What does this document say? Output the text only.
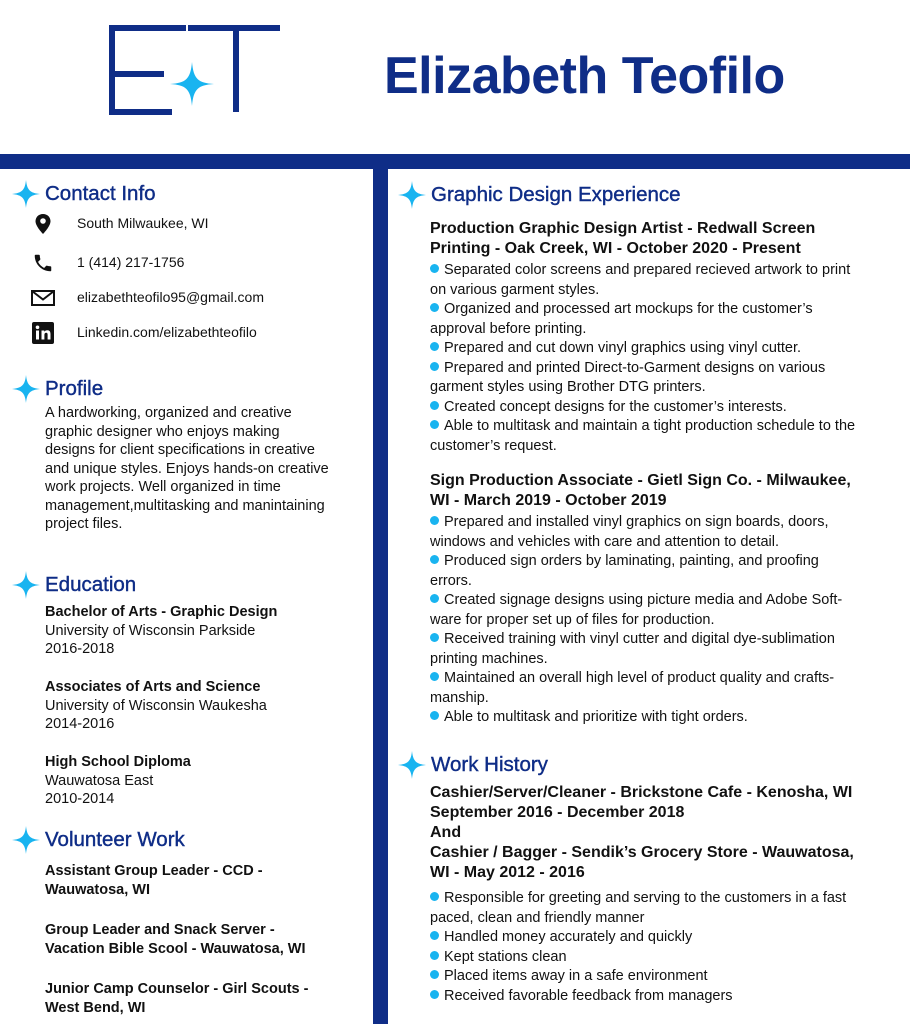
Elizabeth Teofilo
Contact Info
South Milwaukee, WI
1 (414) 217-1756
elizabethteofilo95@gmail.com
Linkedin.com/elizabethteofilo
Profile
A hardworking, organized and creative
graphic designer who enjoys making
designs for client specifications in creative
and unique styles. Enjoys hands-on creative
work projects. Well organized in time
management,multitasking and manintaining
project files.
Education
Bachelor of Arts - Graphic Design
University of Wisconsin Parkside
2016-2018
Associates of Arts and Science
University of Wisconsin Waukesha
2014-2016
High School Diploma
Wauwatosa East
2010-2014
Volunteer Work
Assistant Group Leader - CCD -
Wauwatosa, WI
Group Leader and Snack Server -
Vacation Bible Scool - Wauwatosa, WI
Junior Camp Counselor - Girl Scouts -
West Bend, WI
Graphic Design Experience
Production Graphic Design Artist - Redwall Screen
Printing - Oak Creek, WI - October 2020 - Present
Separated color screens and prepared recieved artwork to print
on various garment styles.
Organized and processed art mockups for the customer’s
approval before printing.
Prepared and cut down vinyl graphics using vinyl cutter.
Prepared and printed Direct-to-Garment designs on various
garment styles using Brother DTG printers.
Created concept designs for the customer’s interests.
Able to multitask and maintain a tight production schedule to the
customer’s request.
Sign Production Associate - Gietl Sign Co. - Milwaukee,
WI - March 2019 - October 2019
Prepared and installed vinyl graphics on sign boards, doors,
windows and vehicles with care and attention to detail.
Produced sign orders by laminating, painting, and proofing
errors.
Created signage designs using picture media and Adobe Soft-
ware for proper set up of files for production.
Received training with vinyl cutter and digital dye-sublimation
printing machines.
Maintained an overall high level of product quality and crafts-
manship.
Able to multitask and prioritize with tight orders.
Work History
Cashier/Server/Cleaner - Brickstone Cafe - Kenosha, WI
September 2016 - December 2018
And
Cashier / Bagger - Sendik’s Grocery Store - Wauwatosa,
WI - May 2012 - 2016
Responsible for greeting and serving to the customers in a fast
paced, clean and friendly manner
Handled money accurately and quickly
Kept stations clean
Placed items away in a safe environment
Received favorable feedback from managers
